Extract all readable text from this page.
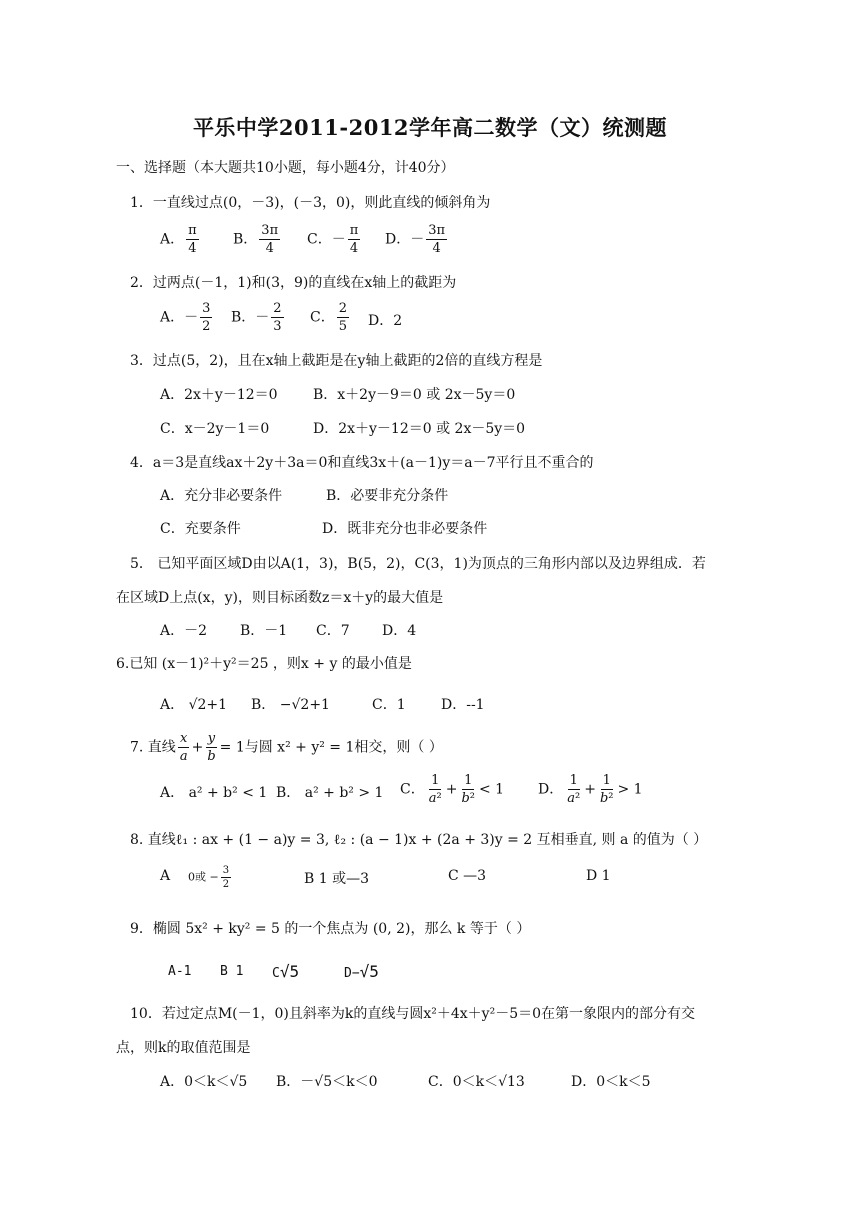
平乐中学2011-2012学年高二数学（文）统测题
一、选择题（本大题共10小题，每小题4分，计40分）
1．一直线过点(0，－3)，(－3，0)，则此直线的倾斜角为
A． $\frac{\pi}{4}$ B． $\frac{3\pi}{4}$ C．－ $\frac{\pi}{4}$ D．－ $\frac{3\pi}{4}$
2．过两点(－1，1)和(3，9)的直线在x轴上的截距为
A．－ $\frac{3}{2}$ B．－ $\frac{2}{3}$ C． $\frac{2}{5}$ D．2
3．过点(5，2)，且在x轴上截距是在y轴上截距的2倍的直线方程是
A．2x＋y－12＝0	B．x＋2y－9＝0 或 2x－5y＝0
C．x－2y－1＝0	D．2x＋y－12＝0 或 2x－5y＝0
4．a＝3是直线ax＋2y＋3a＝0和直线3x＋(a－1)y＝a－7平行且不重合的
A．充分非必要条件	B．必要非充分条件
C．充要条件	D．既非充分也非必要条件
5． 已知平面区域D由以A(1，3)，B(5，2)，C(3，1)为顶点的三角形内部以及边界组成．若
在区域D上点(x，y)，则目标函数z＝x＋y的最大值是
A．－2 B．－1 C．7 D．4
6.已知 (x－1)²＋y²＝25 ，则x + y 的最小值是
A． √2+1 B． −√2+1	C．1	D．--1
7. 直线 $\frac{x}{a} + \frac{y}{b} = 1$与圆 x² + y² = 1相交，则（ ）
A． a² + b² < 1 B． a² + b² > 1 C． $\frac{1}{\text{a²}} + \frac{1}{\text{b²}} < 1$ D． $\frac{1}{\text{a²}} + \frac{1}{\text{b²}} > 1$
8. 直线ℓ₁ : ax + (1 − a)y = 3, ℓ₂ : (a − 1)x + (2a + 3)y = 2 互相垂直, 则 a 的值为（ ）
A 0或 − $\frac{3}{2}$	B 1 或—3	C —3	D 1
9．椭圆 5x² + ky² = 5 的一个焦点为 (0, 2)，那么 k 等于（ ）
A-1 B 1 C√5	D−√5
10．若过定点M(－1，0)且斜率为k的直线与圆x²＋4x＋y²－5＝0在第一象限内的部分有交
点，则k的取值范围是
A．0＜k＜√5 B．－√5＜k＜0	C．0＜k＜√13	D．0＜k＜5
